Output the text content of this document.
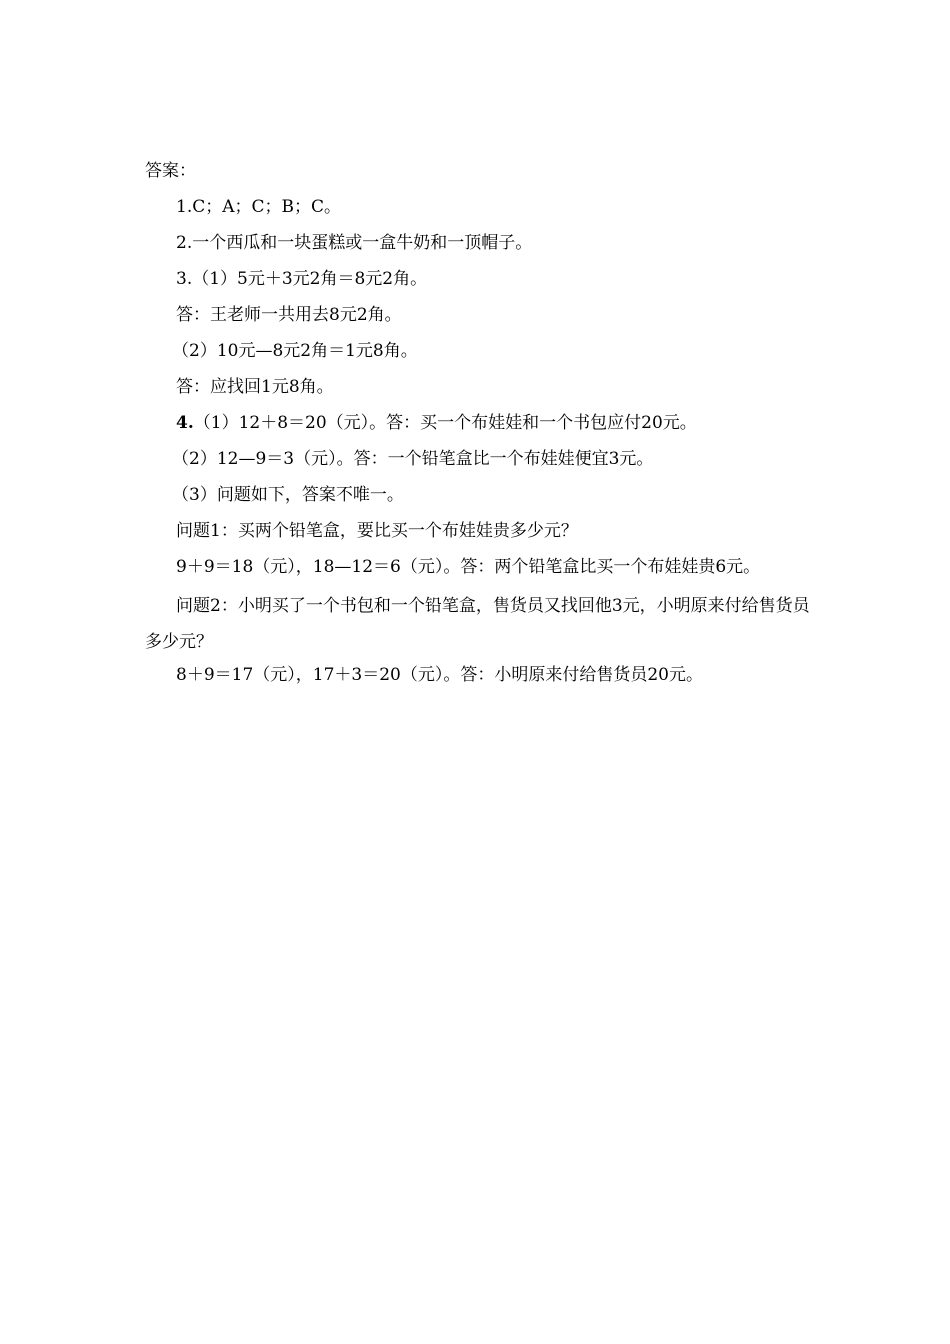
答案：
1.C；A；C；B；C。
2.一个西瓜和一块蛋糕或一盒牛奶和一顶帽子。
3.（1）5元＋3元2角＝8元2角。
答：王老师一共用去8元2角。
（2）10元—8元2角＝1元8角。
答：应找回1元8角。
4.（1）12＋8＝20（元）。答：买一个布娃娃和一个书包应付20元。
（2）12—9＝3（元）。答：一个铅笔盒比一个布娃娃便宜3元。
（3）问题如下，答案不唯一。
问题1：买两个铅笔盒，要比买一个布娃娃贵多少元？
9＋9＝18（元），18—12＝6（元）。答：两个铅笔盒比买一个布娃娃贵6元。
问题2：小明买了一个书包和一个铅笔盒，售货员又找回他3元，小明原来付给售货员多少元？
8＋9＝17（元），17＋3＝20（元）。答：小明原来付给售货员20元。
